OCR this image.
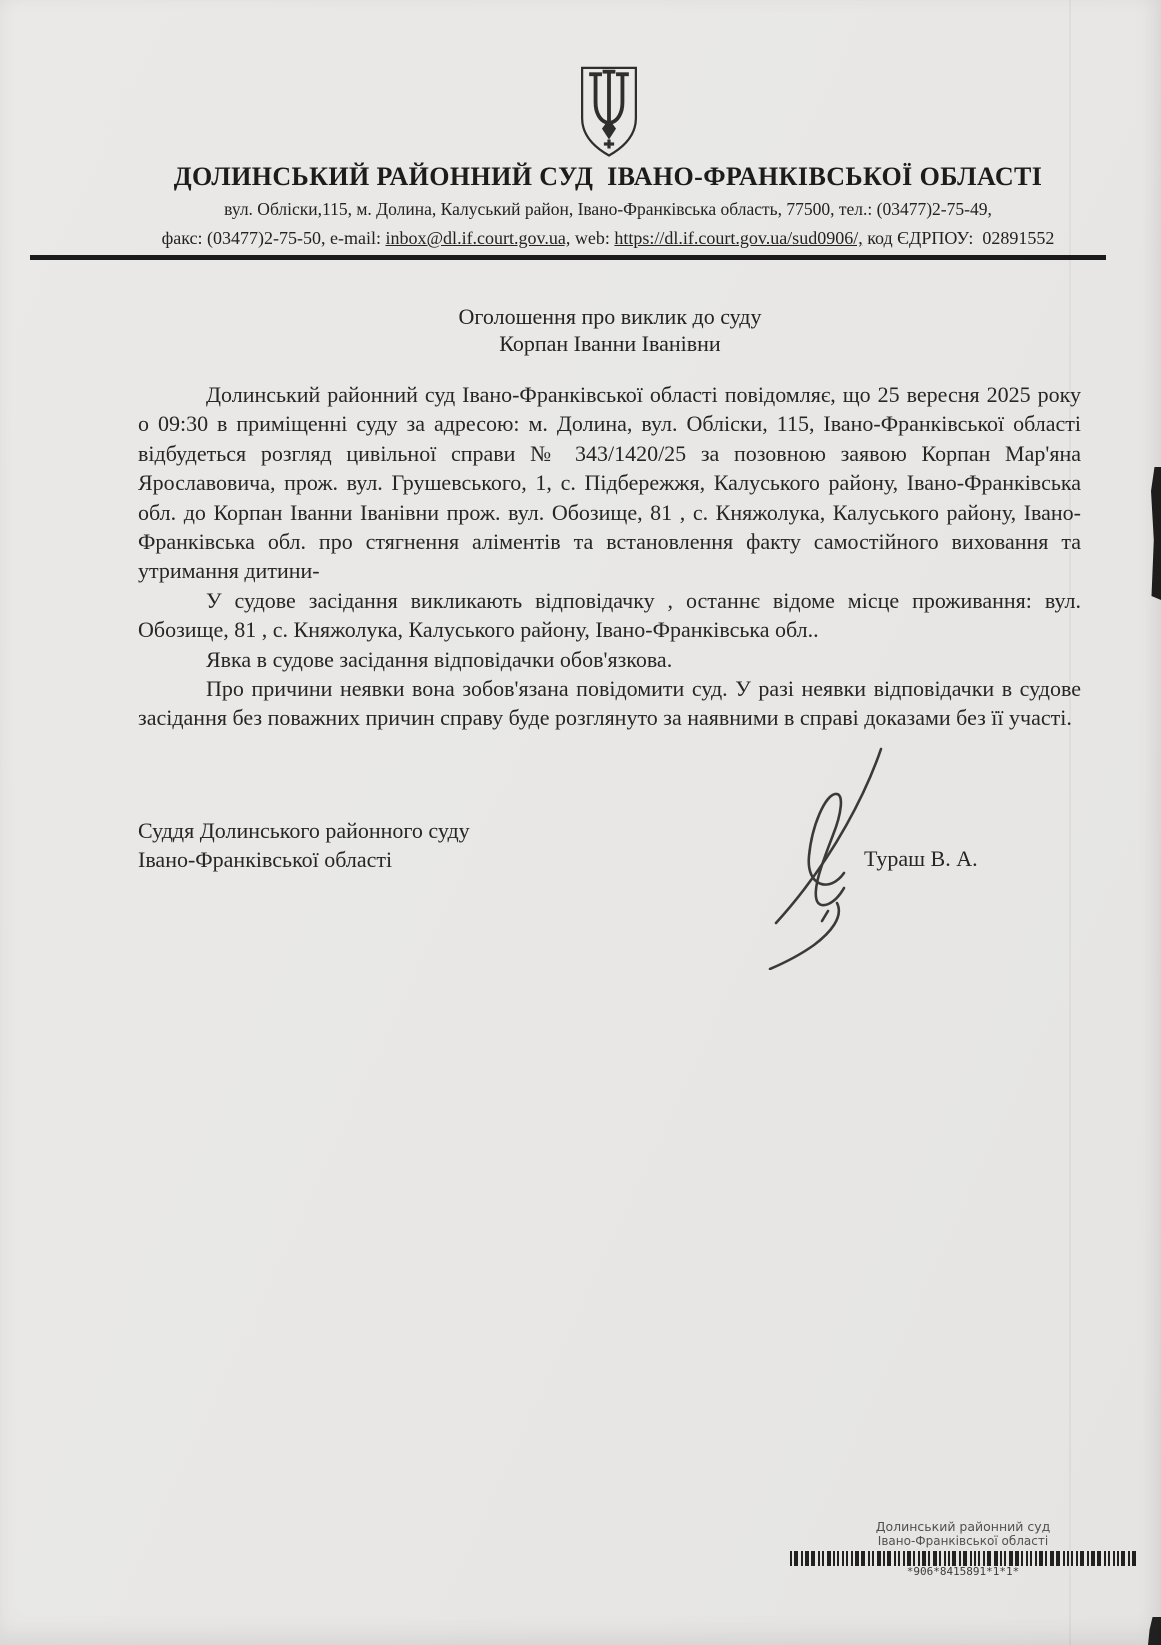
ДОЛИНСЬКИЙ РАЙОННИЙ СУД  ІВАНО-ФРАНКІВСЬКОЇ ОБЛАСТІ
вул. Обліски,115, м. Долина, Калуський район, Івано-Франківська область, 77500, тел.: (03477)2-75-49,
факс: (03477)2-75-50, e-mail: inbox@dl.if.court.gov.ua, web: https://dl.if.court.gov.ua/sud0906/, код ЄДРПОУ:  02891552
Оголошення про виклик до суду
Корпан Іванни Іванівни

Долинський районний суд Івано-Франківської області повідомляє, що 25 вересня 2025 року о 09:30 в приміщенні суду за адресою: м. Долина, вул. Обліски, 115, Івано-Франківської області відбудеться розгляд цивільної справи № 343/1420/25 за позовною заявою Корпан Мар'яна Ярославовича, прож. вул. Грушевського, 1, с. Підбережжя, Калуського району, Івано-Франківська обл. до Корпан Іванни Іванівни прож. вул. Обозище, 81 , с. Княжолука, Калуського району, Івано-Франківська обл. про стягнення аліментів та встановлення факту самостійного виховання та утримання дитини-

У судове засідання викликають відповідачку , останнє відоме місце проживання: вул. Обозище, 81 , с. Княжолука, Калуського району, Івано-Франківська обл..

Явка в судове засідання відповідачки обов'язкова.

Про причини неявки вона зобов'язана повідомити суд. У разі неявки відповідачки в судове засідання без поважних причин справу буде розглянуто за наявними в справі доказами без її участі.

Суддя Долинського районного суду
Івано-Франківської області	Тураш В. А.
Долинський районний суд
Івано-Франківської області
*906*8415891*1*1*
